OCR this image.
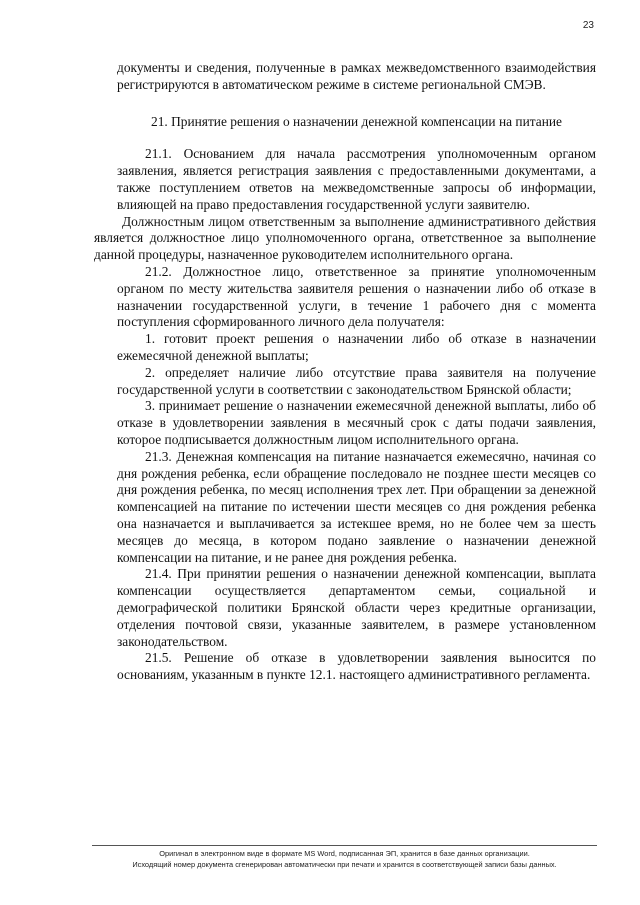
23

документы и сведения, полученные в рамках межведомственного взаимодействия регистрируются в автоматическом режиме в системе региональной СМЭВ.

21. Принятие решения о назначении денежной компенсации на питание

21.1. Основанием для начала рассмотрения уполномоченным органом заявления, является регистрация заявления с предоставленными документами, а также поступлением ответов на межведомственные запросы об информации, влияющей на право предоставления государственной услуги заявителю.

Должностным лицом ответственным за выполнение административного действия является должностное лицо уполномоченного органа, ответственное за выполнение данной процедуры, назначенное руководителем исполнительного органа.

21.2. Должностное лицо, ответственное за принятие уполномоченным органом по месту жительства заявителя решения о назначении либо об отказе в назначении государственной услуги, в течение 1 рабочего дня с момента поступления сформированного личного дела получателя:

1. готовит проект решения о назначении либо об отказе в назначении ежемесячной денежной выплаты;

2. определяет наличие либо отсутствие права заявителя на получение государственной услуги в соответствии с законодательством Брянской области;

3. принимает решение о назначении ежемесячной денежной выплаты, либо об отказе в удовлетворении заявления в месячный срок с даты подачи заявления, которое подписывается должностным лицом исполнительного органа.

21.3. Денежная компенсация на питание назначается ежемесячно, начиная со дня рождения ребенка, если обращение последовало не позднее шести месяцев со дня рождения ребенка, по месяц исполнения трех лет. При обращении за денежной компенсацией на питание по истечении шести месяцев со дня рождения ребенка она назначается и выплачивается за истекшее время, но не более чем за шесть месяцев до месяца, в котором подано заявление о назначении денежной компенсации на питание, и не ранее дня рождения ребенка.

21.4. При принятии решения о назначении денежной компенсации, выплата компенсации осуществляется департаментом семьи, социальной и демографической политики Брянской области через кредитные организации, отделения почтовой связи, указанные заявителем, в размере установленном законодательством.

21.5. Решение об отказе в удовлетворении заявления выносится по основаниям, указанным в пункте 12.1. настоящего административного регламента.

Оригинал в электронном виде в формате MS Word, подписанная ЭП, хранится в базе данных организации.
Исходящий номер документа сгенерирован автоматически при печати и хранится в соответствующей записи базы данных.
